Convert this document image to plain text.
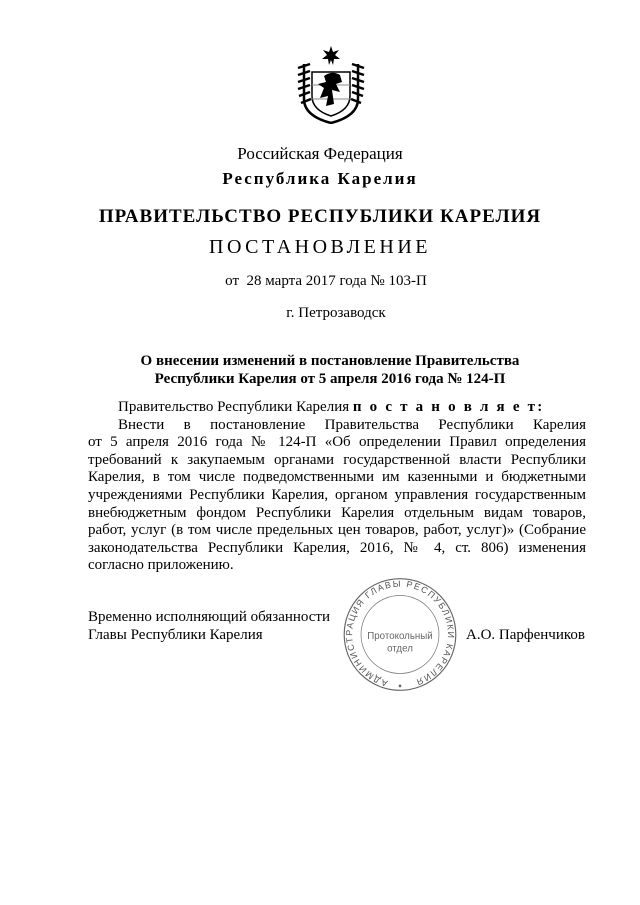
Российская Федерация
Республика Карелия
ПРАВИТЕЛЬСТВО РЕСПУБЛИКИ КАРЕЛИЯ
ПОСТАНОВЛЕНИЕ
от  28 марта 2017 года № 103-П
г. Петрозаводск
О внесении изменений в постановление Правительства
Республики Карелия от 5 апреля 2016 года № 124-П
Правительство Республики Карелия п о с т а н о в л я е т:
Внести в постановление Правительства Республики Карелия
от 5 апреля 2016 года № 124-П «Об определении Правил определения
требований к закупаемым органами государственной власти Республики
Карелия, в том числе подведомственными им казенными и бюджетными
учреждениями Республики Карелия, органом управления государственным
внебюджетным фондом Республики Карелия отдельным видам товаров,
работ, услуг (в том числе предельных цен товаров, работ, услуг)» (Собрание
законодательства Республики Карелия, 2016, № 4, ст. 806) изменения
согласно приложению.
Временно исполняющий обязанности
Главы Республики Карелия	А.О. Парфенчиков
АДМИНИСТРАЦИЯ ГЛАВЫ РЕСПУБЛИКИ КАРЕЛИЯ
Протокольный
отдел
